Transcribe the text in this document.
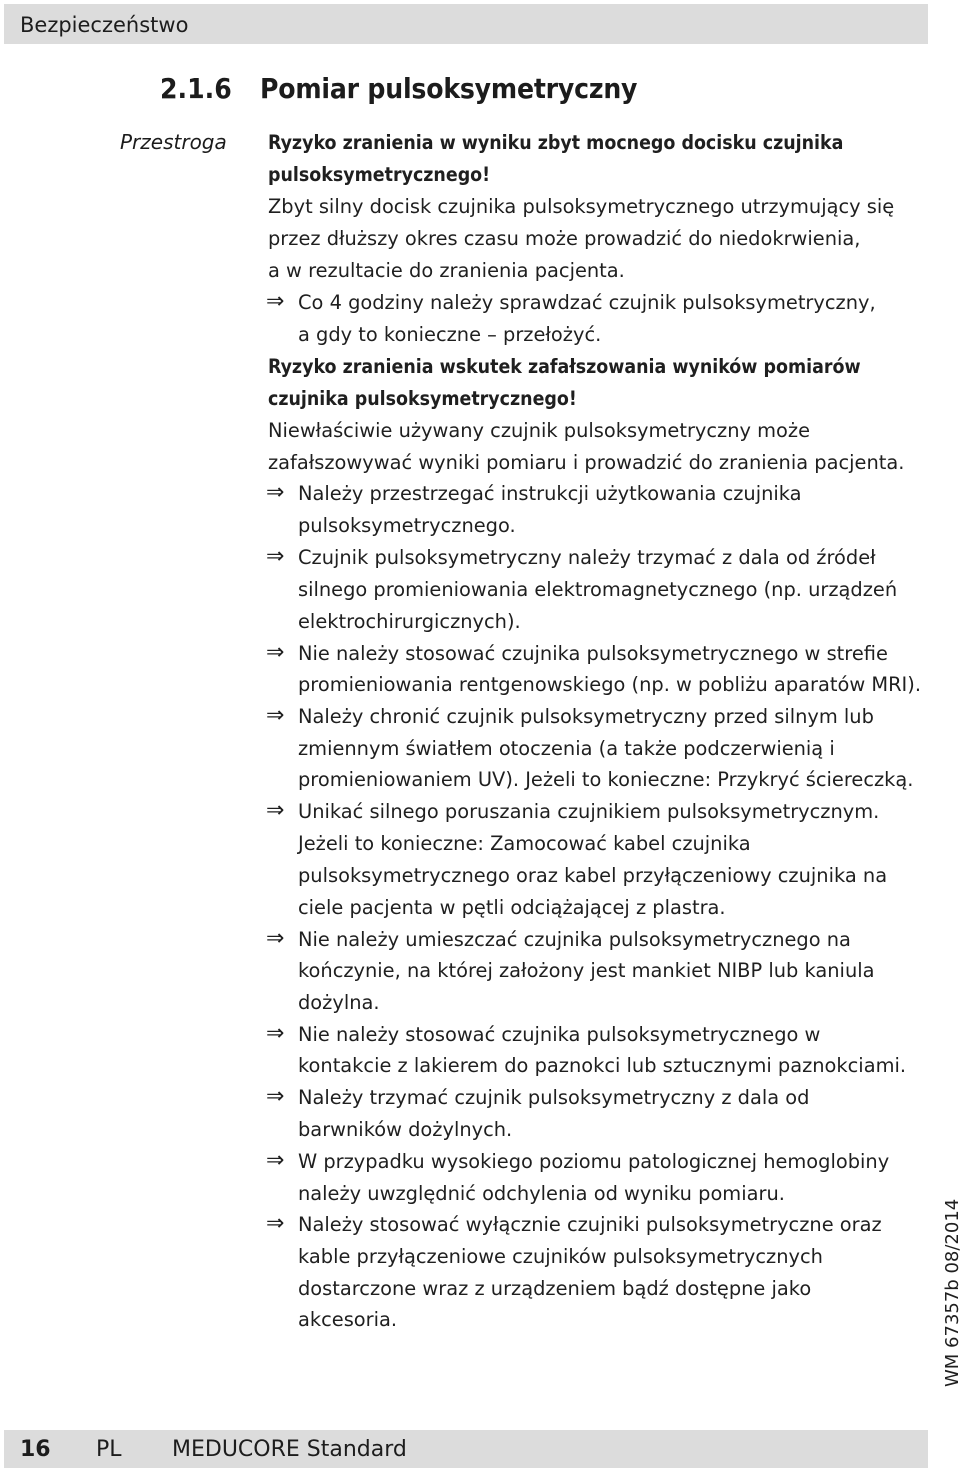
Bezpieczeństwo
2.1.6 Pomiar pulsoksymetryczny
Przestroga Ryzyko zranienia w wyniku zbyt mocnego docisku czujnika
pulsoksymetrycznego!
Zbyt silny docisk czujnika pulsoksymetrycznego utrzymujący się
przez dłuższy okres czasu może prowadzić do niedokrwienia,
a w rezultacie do zranienia pacjenta.
⇒ Co 4 godziny należy sprawdzać czujnik pulsoksymetryczny,
a gdy to konieczne – przełożyć.
Ryzyko zranienia wskutek zafałszowania wyników pomiarów
czujnika pulsoksymetrycznego!
Niewłaściwie używany czujnik pulsoksymetryczny może
zafałszowywać wyniki pomiaru i prowadzić do zranienia pacjenta.
⇒ Należy przestrzegać instrukcji użytkowania czujnika
pulsoksymetrycznego.
⇒ Czujnik pulsoksymetryczny należy trzymać z dala od źródeł
silnego promieniowania elektromagnetycznego (np. urządzeń
elektrochirurgicznych).
⇒ Nie należy stosować czujnika pulsoksymetrycznego w strefie
promieniowania rentgenowskiego (np. w pobliżu aparatów MRI).
⇒ Należy chronić czujnik pulsoksymetryczny przed silnym lub
zmiennym światłem otoczenia (a także podczerwienią i
promieniowaniem UV). Jeżeli to konieczne: Przykryć ściereczką.
⇒ Unikać silnego poruszania czujnikiem pulsoksymetrycznym.
Jeżeli to konieczne: Zamocować kabel czujnika
pulsoksymetrycznego oraz kabel przyłączeniowy czujnika na
ciele pacjenta w pętli odciążającej z plastra.
⇒ Nie należy umieszczać czujnika pulsoksymetrycznego na
kończynie, na której założony jest mankiet NIBP lub kaniula
dożylna.
⇒ Nie należy stosować czujnika pulsoksymetrycznego w
kontakcie z lakierem do paznokci lub sztucznymi paznokciami.
⇒ Należy trzymać czujnik pulsoksymetryczny z dala od
barwników dożylnych.
⇒ W przypadku wysokiego poziomu patologicznej hemoglobiny
należy uwzględnić odchylenia od wyniku pomiaru.
⇒ Należy stosować wyłącznie czujniki pulsoksymetryczne oraz
kable przyłączeniowe czujników pulsoksymetrycznych
dostarczone wraz z urządzeniem bądź dostępne jako
akcesoria.
16 PL MEDUCORE Standard
WM 67357b 08/2014
